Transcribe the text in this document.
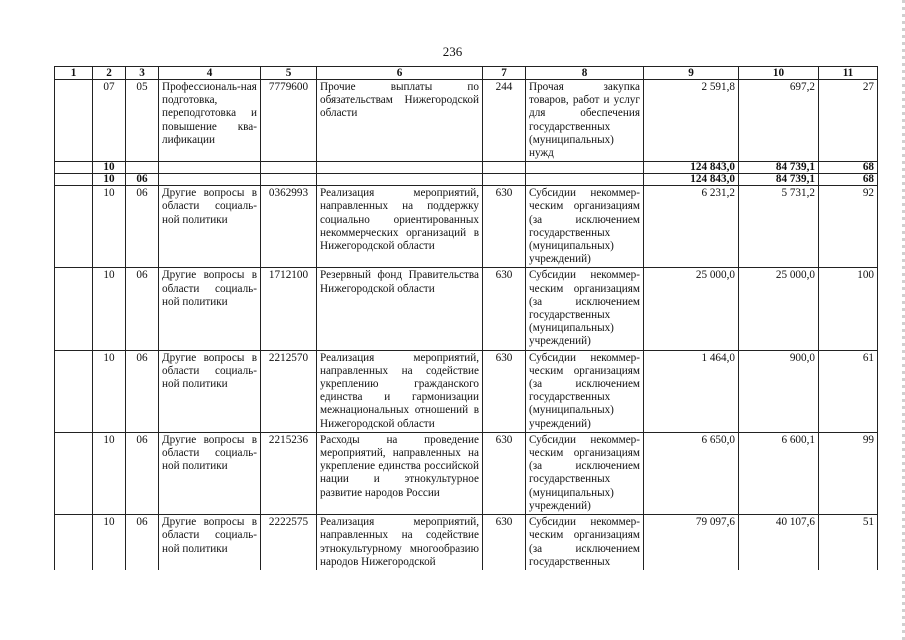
236
1	2	3	4	5	6	7	8	9	10	11
	07	05	Профессиональ-ная подготовка, переподготовка и повышение ква-лификации	7779600	Прочие выплаты по обязательствам Нижегородской области	244	Прочая закупка товаров, работ и услуг для обеспечения государственных (муниципальных) нужд	2 591,8	697,2	27
	10							124 843,0	84 739,1	68
	10	06						124 843,0	84 739,1	68
	10	06	Другие вопросы в области социаль-ной политики	0362993	Реализация мероприятий, направленных на поддержку социально ориентированных некоммерческих организаций в Нижегородской области	630	Субсидии некоммер-ческим организациям (за исключением государственных (муниципальных) учреждений)	6 231,2	5 731,2	92
	10	06	Другие вопросы в области социаль-ной политики	1712100	Резервный фонд Правительства Нижегородской области	630	Субсидии некоммер-ческим организациям (за исключением государственных (муниципальных) учреждений)	25 000,0	25 000,0	100
	10	06	Другие вопросы в области социаль-ной политики	2212570	Реализация мероприятий, направленных на содействие укреплению гражданского единства и гармонизации межнациональных отношений в Нижегородской области	630	Субсидии некоммер-ческим организациям (за исключением государственных (муниципальных) учреждений)	1 464,0	900,0	61
	10	06	Другие вопросы в области социаль-ной политики	2215236	Расходы на проведение мероприятий, направленных на укрепление единства российской нации и этнокультурное развитие народов России	630	Субсидии некоммер-ческим организациям (за исключением государственных (муниципальных) учреждений)	6 650,0	6 600,1	99
	10	06	Другие вопросы в области социаль-ной политики	2222575	Реализация мероприятий, направленных на содействие этнокультурному многообразию народов Нижегородской	630	Субсидии некоммер-ческим организациям (за исключением государственных	79 097,6	40 107,6	51
